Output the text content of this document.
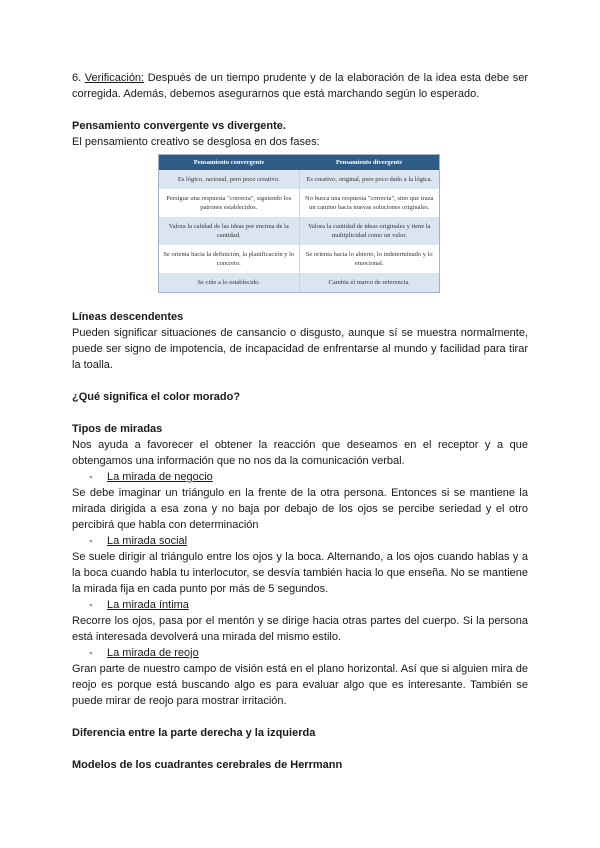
6. Verificación: Después de un tiempo prudente y de la elaboración de la idea esta debe ser corregida. Además, debemos asegurarnos que está marchando según lo esperado.

Pensamiento convergente vs divergente.

El pensamiento creativo se desglosa en dos fases:

Pensamiento convergente	Pensamiento divergente
Es lógico, racional, pero poco creativo.	Es creativo, original, pero poco dado a la lógica.
Persigue una respuesta "correcta", siguiendo los patrones establecidos.	No busca una respuesta "correcta", sino que traza un camino hacia nuevas soluciones originales.
Valora la calidad de las ideas por encima de la cantidad.	Valora la cantidad de ideas originales y tiene la multiplicidad como un valor.
Se orienta hacia la definición, la planificación y lo concreto.	Se orienta hacia lo abierto, lo indeterminado y lo emocional.
Se ciñe a lo establecido.	Cambia el marco de referencia.

Líneas descendentes

Pueden significar situaciones de cansancio o disgusto, aunque sí se muestra normalmente, puede ser signo de impotencia, de incapacidad de enfrentarse al mundo y facilidad para tirar la toalla.

¿Qué significa el color morado?

Tipos de miradas

Nos ayuda a favorecer el obtener la reacción que deseamos en el receptor y a que obtengamos una información que no nos da la comunicación verbal.

-	La mirada de negocio

Se debe imaginar un triángulo en la frente de la otra persona. Entonces si se mantiene la mirada dirigida a esa zona y no baja por debajo de los ojos se percibe seriedad y el otro percibirá que habla con determinación

-	La mirada social

Se suele dirigir al triángulo entre los ojos y la boca. Alternando, a los ojos cuando hablas y a la boca cuando habla tu interlocutor, se desvía también hacia lo que enseña. No se mantiene la mirada fija en cada punto por más de 5 segundos.

-	La mirada íntima

Recorre los ojos, pasa por el mentón y se dirige hacia otras partes del cuerpo. Si la persona está interesada devolverá una mirada del mismo estilo.

-	La mirada de reojo

Gran parte de nuestro campo de visión está en el plano horizontal. Así que si alguien mira de reojo es porque está buscando algo es para evaluar algo que es interesante. También se puede mirar de reojo para mostrar irritación.

Diferencia entre la parte derecha y la izquierda

Modelos de los cuadrantes cerebrales de Herrmann
